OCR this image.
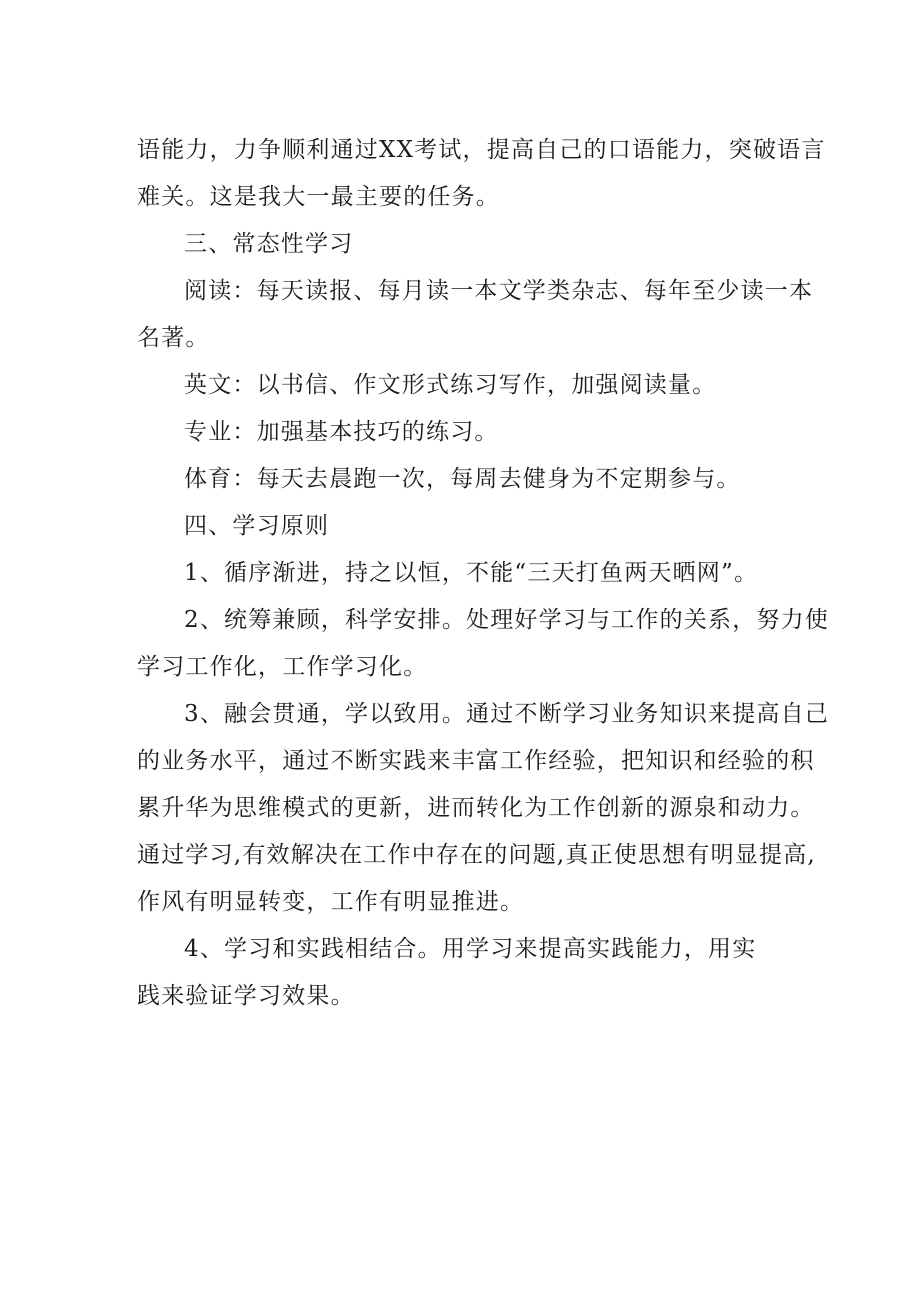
语能力，力争顺利通过XX考试，提高自己的口语能力，突破语言
难关。这是我大一最主要的任务。
三、常态性学习
阅读：每天读报、每月读一本文学类杂志、每年至少读一本
名著。
英文：以书信、作文形式练习写作，加强阅读量。
专业：加强基本技巧的练习。
体育：每天去晨跑一次，每周去健身为不定期参与。
四、学习原则
1、循序渐进，持之以恒，不能“三天打鱼两天晒网”。
2、统筹兼顾，科学安排。处理好学习与工作的关系，努力使
学习工作化，工作学习化。
3、融会贯通，学以致用。通过不断学习业务知识来提高自己
的业务水平，通过不断实践来丰富工作经验，把知识和经验的积
累升华为思维模式的更新，进而转化为工作创新的源泉和动力。
通过学习,有效解决在工作中存在的问题,真正使思想有明显提高,
作风有明显转变，工作有明显推进。
4、学习和实践相结合。用学习来提高实践能力，用实
践来验证学习效果。
